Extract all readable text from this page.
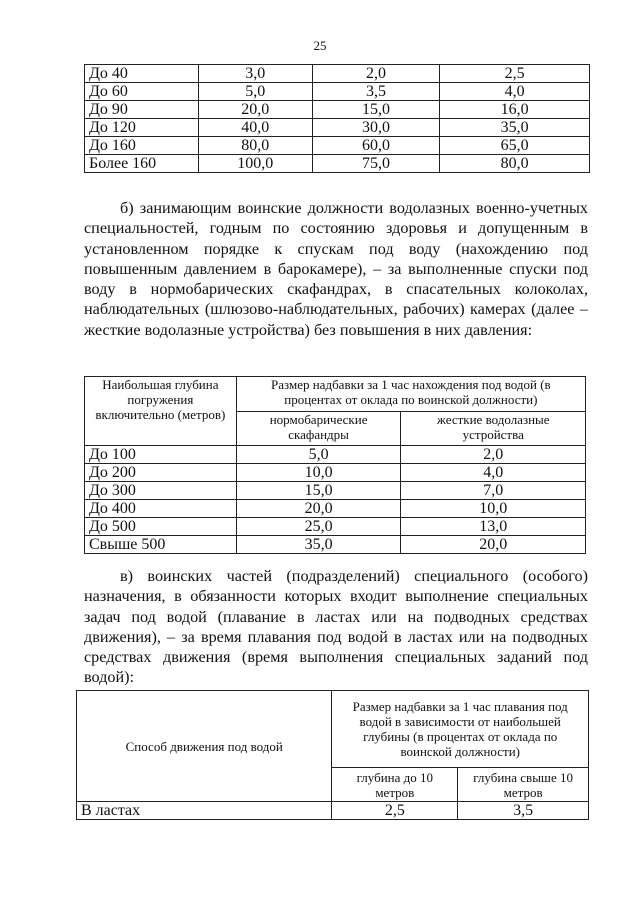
25
До 40	3,0	2,0	2,5
До 60	5,0	3,5	4,0
До 90	20,0	15,0	16,0
До 120	40,0	30,0	35,0
До 160	80,0	60,0	65,0
Более 160	100,0	75,0	80,0

б) занимающим воинские должности водолазных военно-учетных специальностей, годным по состоянию здоровья и допущенным в установленном порядке к спускам под воду (нахождению под повышенным давлением в барокамере), – за выполненные спуски под воду в нормобарических скафандрах, в спасательных колоколах, наблюдательных (шлюзово-наблюдательных, рабочих) камерах (далее – жесткие водолазные устройства) без повышения в них давления:

Наибольшая глубина погружения включительно (метров)	Размер надбавки за 1 час нахождения под водой (в процентах от оклада по воинской должности)	
	нормобарические скафандры	жесткие водолазные устройства
До 100	5,0	2,0
До 200	10,0	4,0
До 300	15,0	7,0
До 400	20,0	10,0
До 500	25,0	13,0
Свыше 500	35,0	20,0

в) воинских частей (подразделений) специального (особого) назначения, в обязанности которых входит выполнение специальных задач под водой (плавание в ластах или на подводных средствах движения), – за время плавания под водой в ластах или на подводных средствах движения (время выполнения специальных заданий под водой):

Способ движения под водой	Размер надбавки за 1 час плавания под водой в зависимости от наибольшей глубины (в процентах от оклада по воинской должности)	
	глубина до 10 метров	глубина свыше 10 метров
В ластах	2,5	3,5
